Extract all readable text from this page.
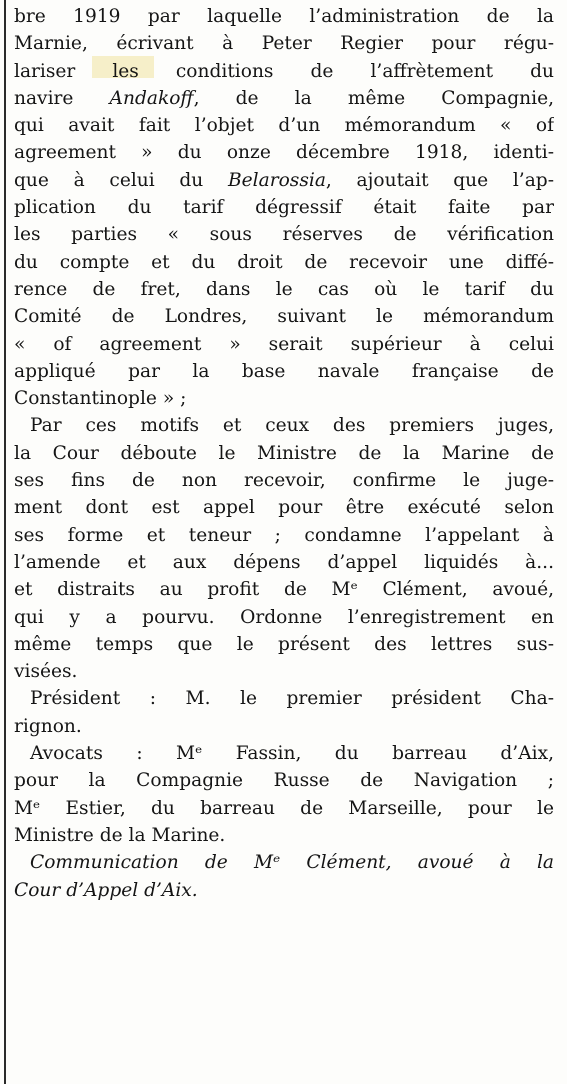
bre 1919 par laquelle l’administration de la
Marnie, écrivant à Peter Regier pour régu-
lariser les conditions de l’affrètement du
navire Andakoff, de la même Compagnie,
qui avait fait l’objet d’un mémorandum « of
agreement » du onze décembre 1918, identi-
que à celui du Belarossia, ajoutait que l’ap-
plication du tarif dégressif était faite par
les parties « sous réserves de vérification
du compte et du droit de recevoir une diffé-
rence de fret, dans le cas où le tarif du
Comité de Londres, suivant le mémorandum
« of agreement » serait supérieur à celui
appliqué par la base navale française de
Constantinople » ;
Par ces motifs et ceux des premiers juges,
la Cour déboute le Ministre de la Marine de
ses fins de non recevoir, confirme le juge-
ment dont est appel pour être exécuté selon
ses forme et teneur ; condamne l’appelant à
l’amende et aux dépens d’appel liquidés à...
et distraits au profit de Mᵉ Clément, avoué,
qui y a pourvu. Ordonne l’enregistrement en
même temps que le présent des lettres sus-
visées.
Président : M. le premier président Cha-
rignon.
Avocats : Mᵉ Fassin, du barreau d’Aix,
pour la Compagnie Russe de Navigation ;
Mᵉ Estier, du barreau de Marseille, pour le
Ministre de la Marine.
Communication de Mᵉ Clément, avoué à la
Cour d’Appel d’Aix.
